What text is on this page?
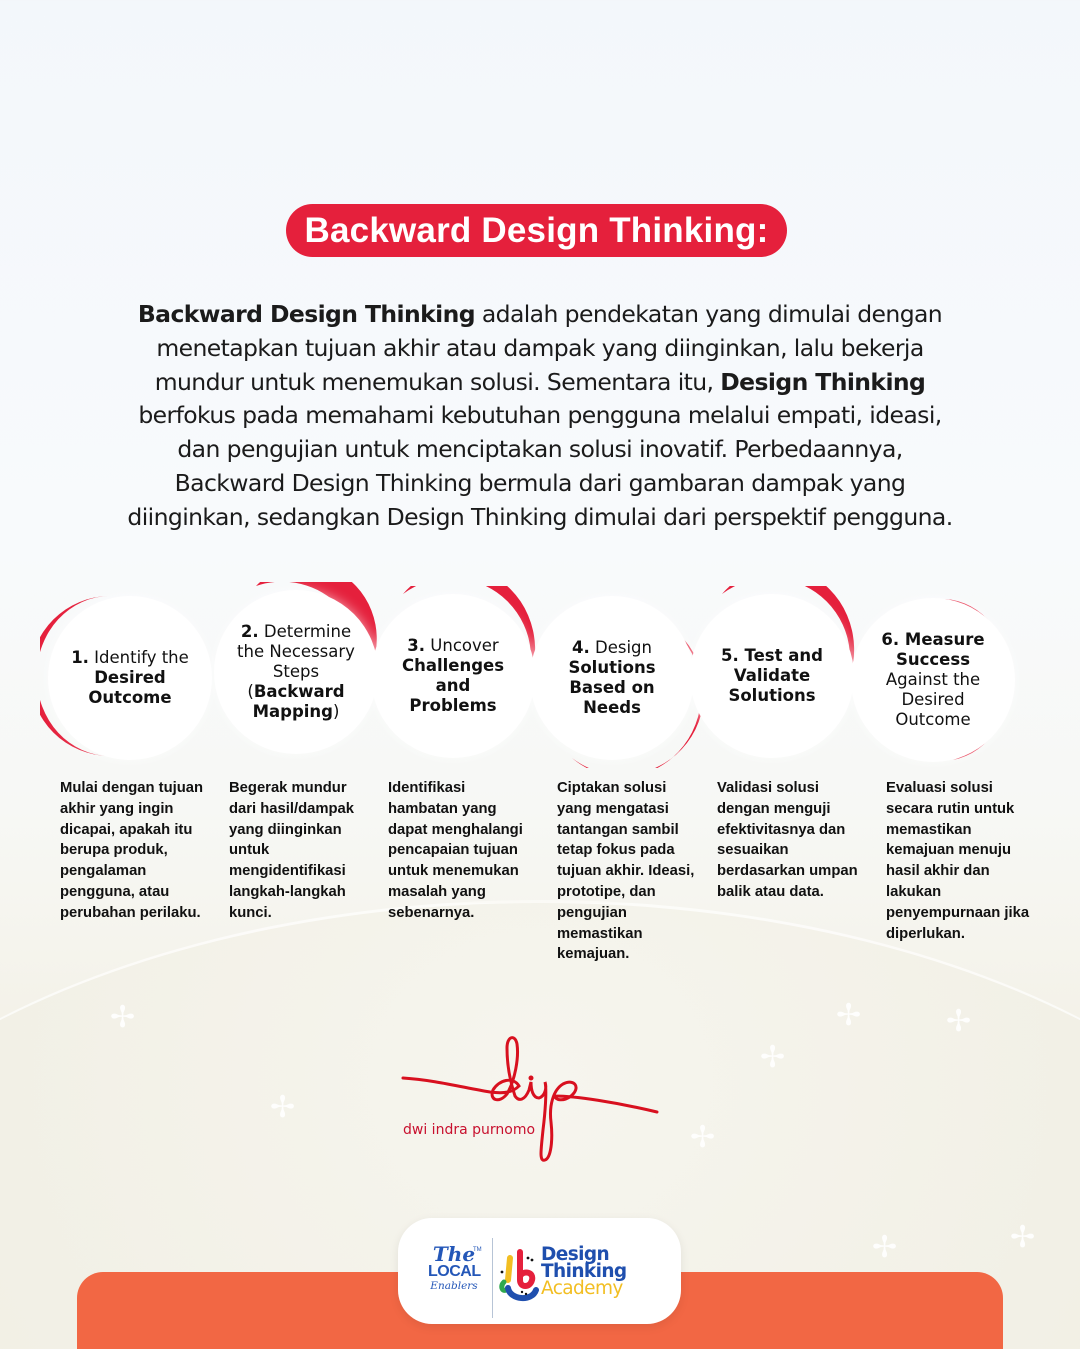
✢	✢
✢
✢
✢	✢
✢
✢
Backward Design Thinking:

Backward Design Thinking adalah pendekatan yang dimulai dengan menetapkan tujuan akhir atau dampak yang diinginkan, lalu bekerja mundur untuk menemukan solusi. Sementara itu, Design Thinking berfokus pada memahami kebutuhan pengguna melalui empati, ideasi, dan pengujian untuk menciptakan solusi inovatif. Perbedaannya, Backward Design Thinking bermula dari gambaran dampak yang diinginkan, sedangkan Design Thinking dimulai dari perspektif pengguna.

1. Identify the
Desired
Outcome

Mulai dengan tujuan akhir yang ingin dicapai, apakah itu berupa produk, pengalaman pengguna, atau perubahan perilaku.

2. Determine
the Necessary
Steps
(Backward
Mapping)

Begerak mundur dari hasil/dampak yang diinginkan untuk mengidentifikasi langkah-langkah kunci.

3. Uncover
Challenges
and
Problems

Identifikasi hambatan yang dapat menghalangi pencapaian tujuan untuk menemukan masalah yang sebenarnya.

4. Design
Solutions
Based on
Needs

Ciptakan solusi yang mengatasi tantangan sambil tetap fokus pada tujuan akhir. Ideasi, prototipe, dan pengujian memastikan kemajuan.

5. Test and
Validate
Solutions

Validasi solusi dengan menguji efektivitasnya dan sesuaikan berdasarkan umpan balik atau data.

6. Measure
Success
Against the
Desired
Outcome

Evaluasi solusi secara rutin untuk memastikan kemajuan menuju hasil akhir dan lakukan penyempurnaan jika diperlukan.

dwi indra purnomo
The
LOCAL
Enablers
TM	Design
Thinking
Academy
